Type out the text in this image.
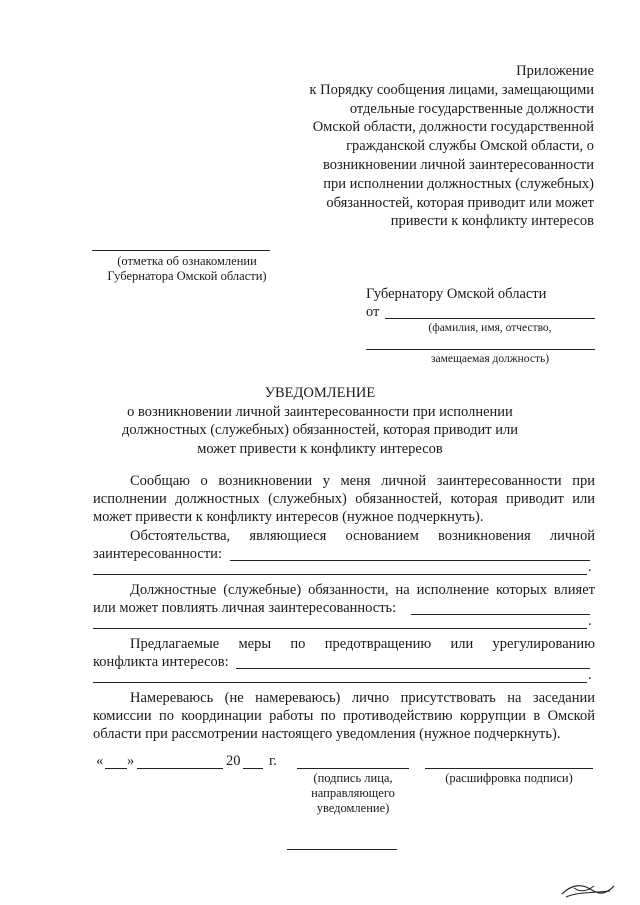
Приложение
к Порядку сообщения лицами, замещающими
отдельные государственные должности
Омской области, должности государственной
гражданской службы Омской области, о
возникновении личной заинтересованности
при исполнении должностных (служебных)
обязанностей, которая приводит или может
привести к конфликту интересов
(отметка об ознакомлении
Губернатора Омской области)
Губернатору Омской области
от
(фамилия, имя, отчество,
замещаемая должность)
УВЕДОМЛЕНИЕ
о возникновении личной заинтересованности при исполнении
должностных (служебных) обязанностей, которая приводит или
может привести к конфликту интересов
Сообщаю о возникновении у меня личной заинтересованности при
исполнении должностных (служебных) обязанностей, которая приводит или
может привести к конфликту интересов (нужное подчеркнуть).
Обстоятельства, являющиеся основанием возникновения личной
заинтересованности:
.
Должностные (служебные) обязанности, на исполнение которых влияет
или может повлиять личная заинтересованность:
.
Предлагаемые меры по предотвращению или урегулированию
конфликта интересов:
.
Намереваюсь (не намереваюсь) лично присутствовать на заседании
комиссии по координации работы по противодействию коррупции в Омской
области при рассмотрении настоящего уведомления (нужное подчеркнуть).
« »	20 г.
(подпись лица,
направляющего
уведомление)
(расшифровка подписи)
